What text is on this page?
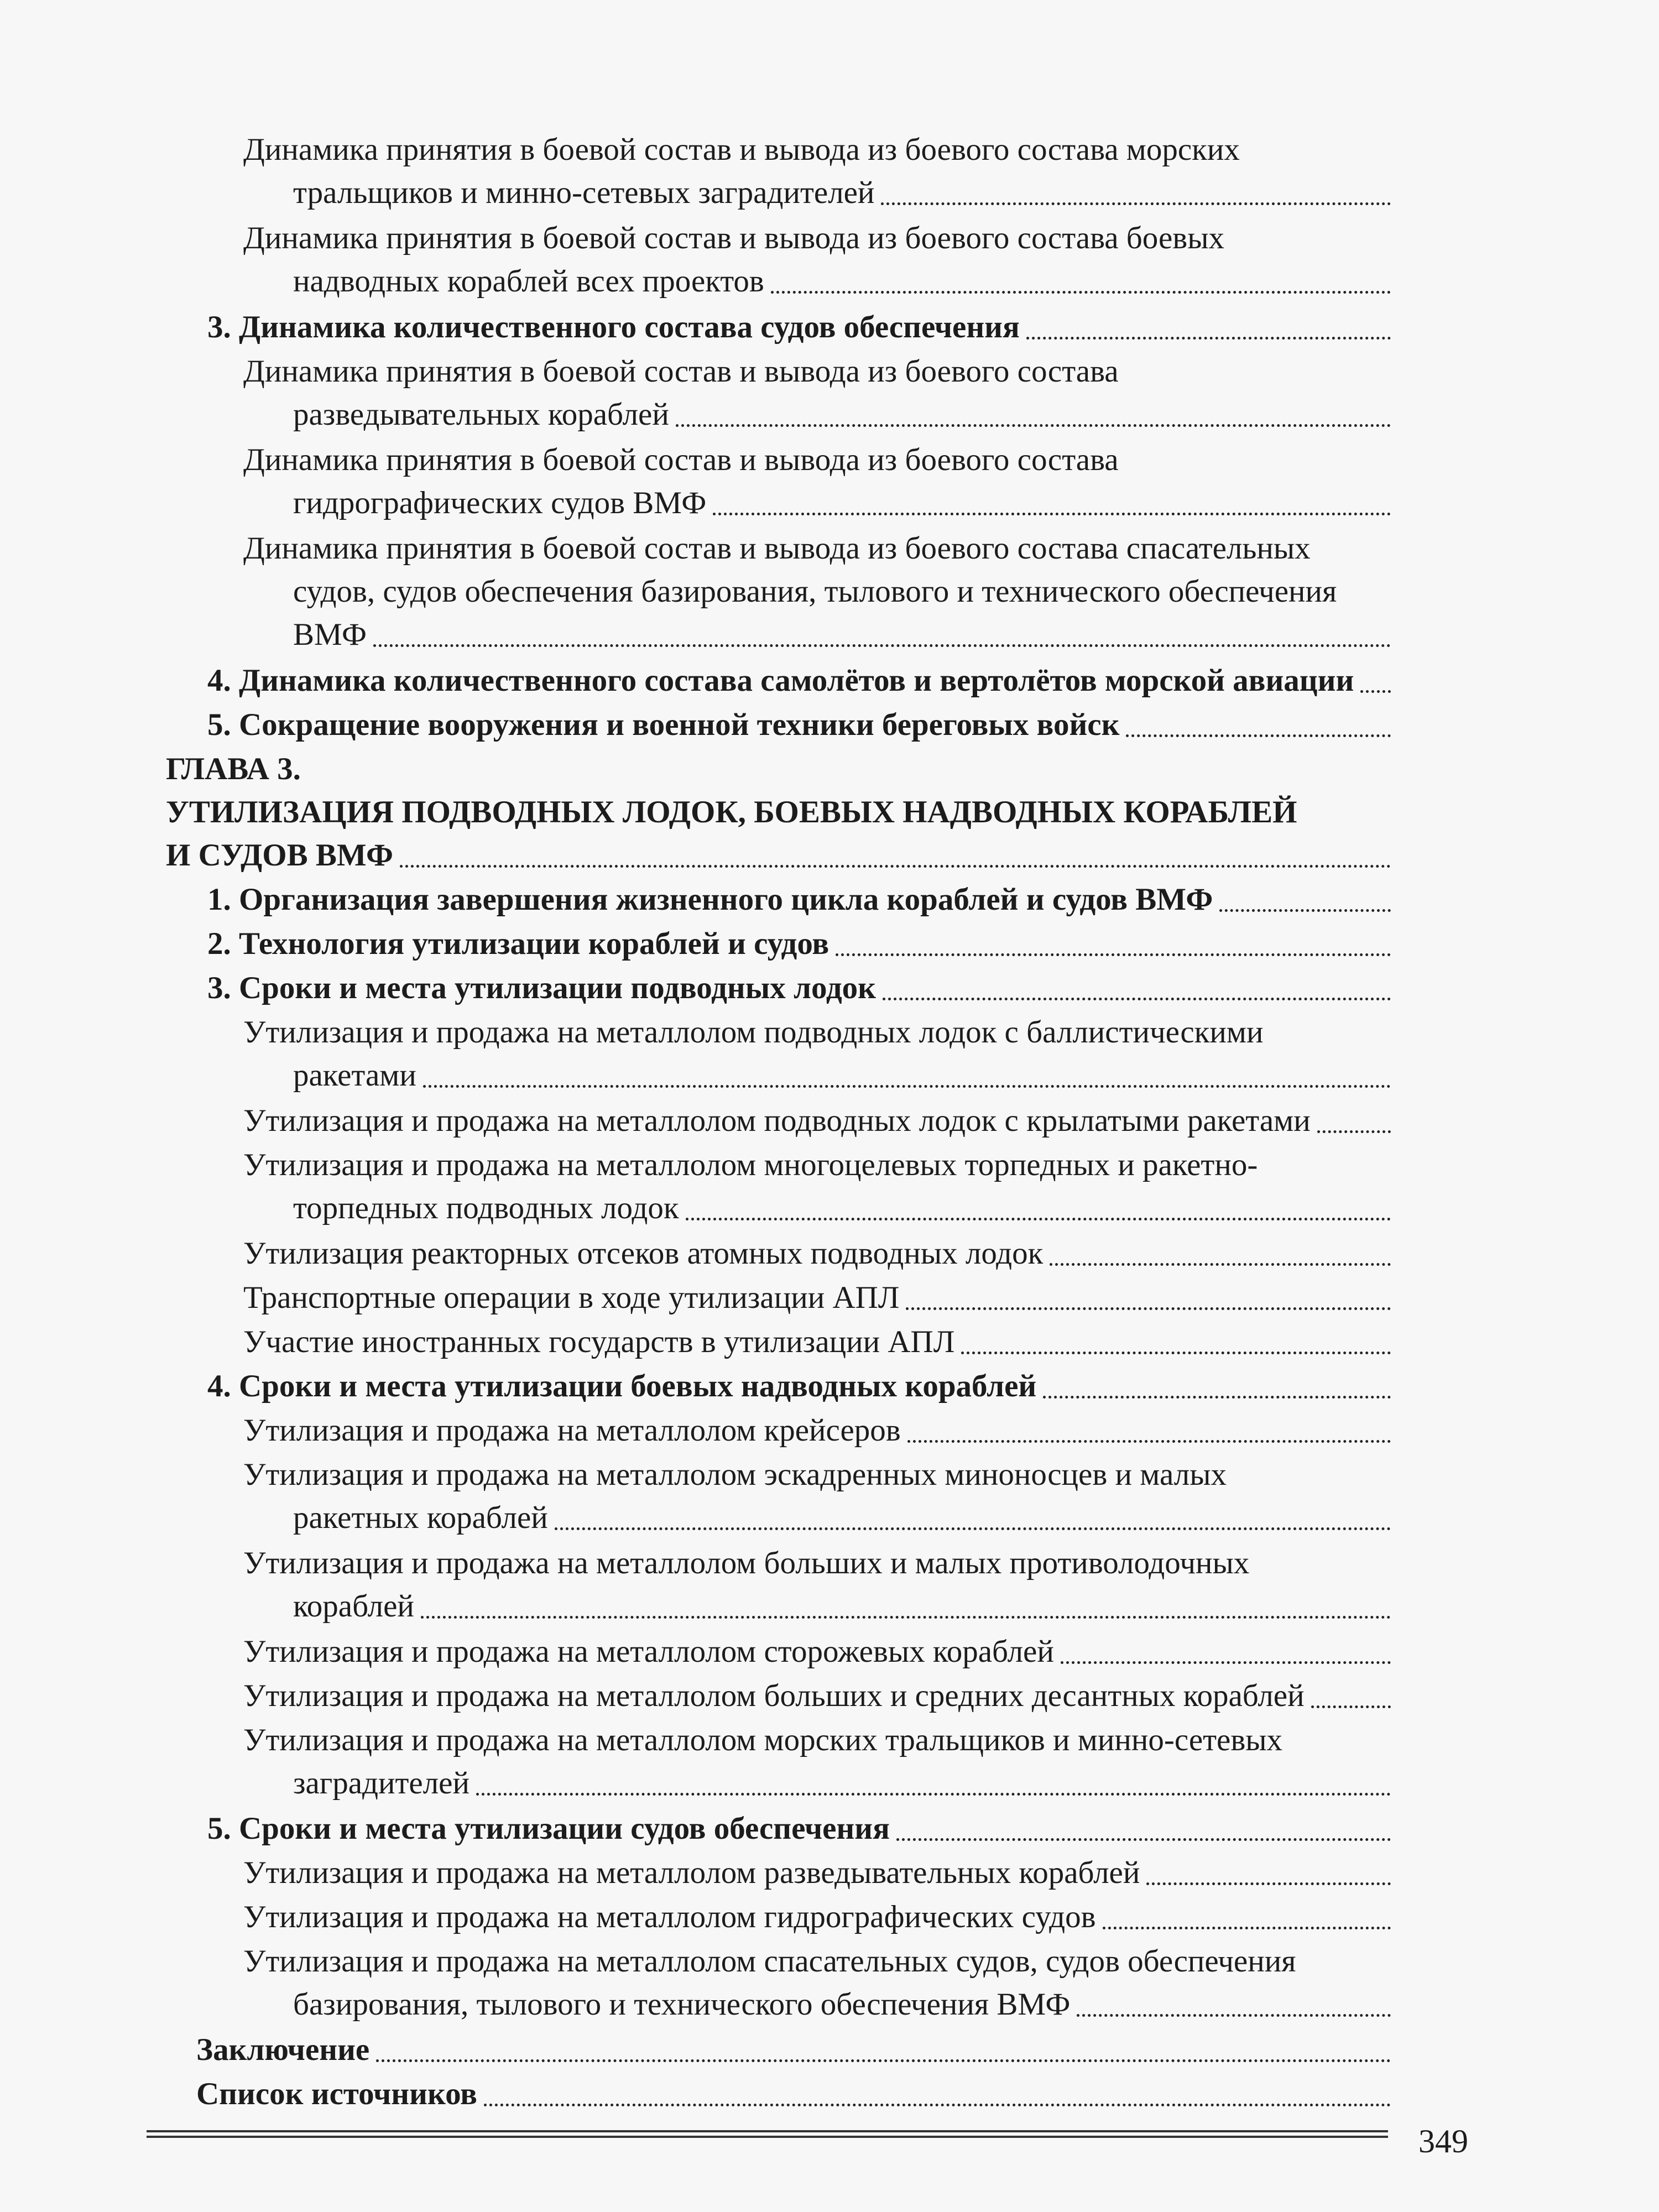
Динамика принятия в боевой состав и вывода из боевого состава морских
тральщиков и минно-сетевых заградителей
Динамика принятия в боевой состав и вывода из боевого состава боевых
надводных кораблей всех проектов
3. Динамика количественного состава судов обеспечения
Динамика принятия в боевой состав и вывода из боевого состава
разведывательных кораблей
Динамика принятия в боевой состав и вывода из боевого состава
гидрографических судов ВМФ
Динамика принятия в боевой состав и вывода из боевого состава спасательных
судов, судов обеспечения базирования, тылового и технического обеспечения
ВМФ
4. Динамика количественного состава самолётов и вертолётов морской авиации
5. Сокращение вооружения и военной техники береговых войск
ГЛАВА 3.
УТИЛИЗАЦИЯ ПОДВОДНЫХ ЛОДОК, БОЕВЫХ НАДВОДНЫХ КОРАБЛЕЙ
И СУДОВ ВМФ
1. Организация завершения жизненного цикла кораблей и судов ВМФ
2. Технология утилизации кораблей и судов
3. Сроки и места утилизации подводных лодок
Утилизация и продажа на металлолом подводных лодок с баллистическими
ракетами
Утилизация и продажа на металлолом подводных лодок с крылатыми ракетами
Утилизация и продажа на металлолом многоцелевых торпедных и ракетно-
торпедных подводных лодок
Утилизация реакторных отсеков атомных подводных лодок
Транспортные операции в ходе утилизации АПЛ
Участие иностранных государств в утилизации АПЛ
4. Сроки и места утилизации боевых надводных кораблей
Утилизация и продажа на металлолом крейсеров
Утилизация и продажа на металлолом эскадренных миноносцев и малых
ракетных кораблей
Утилизация и продажа на металлолом больших и малых противолодочных
кораблей
Утилизация и продажа на металлолом сторожевых кораблей
Утилизация и продажа на металлолом больших и средних десантных кораблей
Утилизация и продажа на металлолом морских тральщиков и минно-сетевых
заградителей
5. Сроки и места утилизации судов обеспечения
Утилизация и продажа на металлолом разведывательных кораблей
Утилизация и продажа на металлолом гидрографических судов
Утилизация и продажа на металлолом спасательных судов, судов обеспечения
базирования, тылового и технического обеспечения ВМФ
Заключение
Список источников
349
